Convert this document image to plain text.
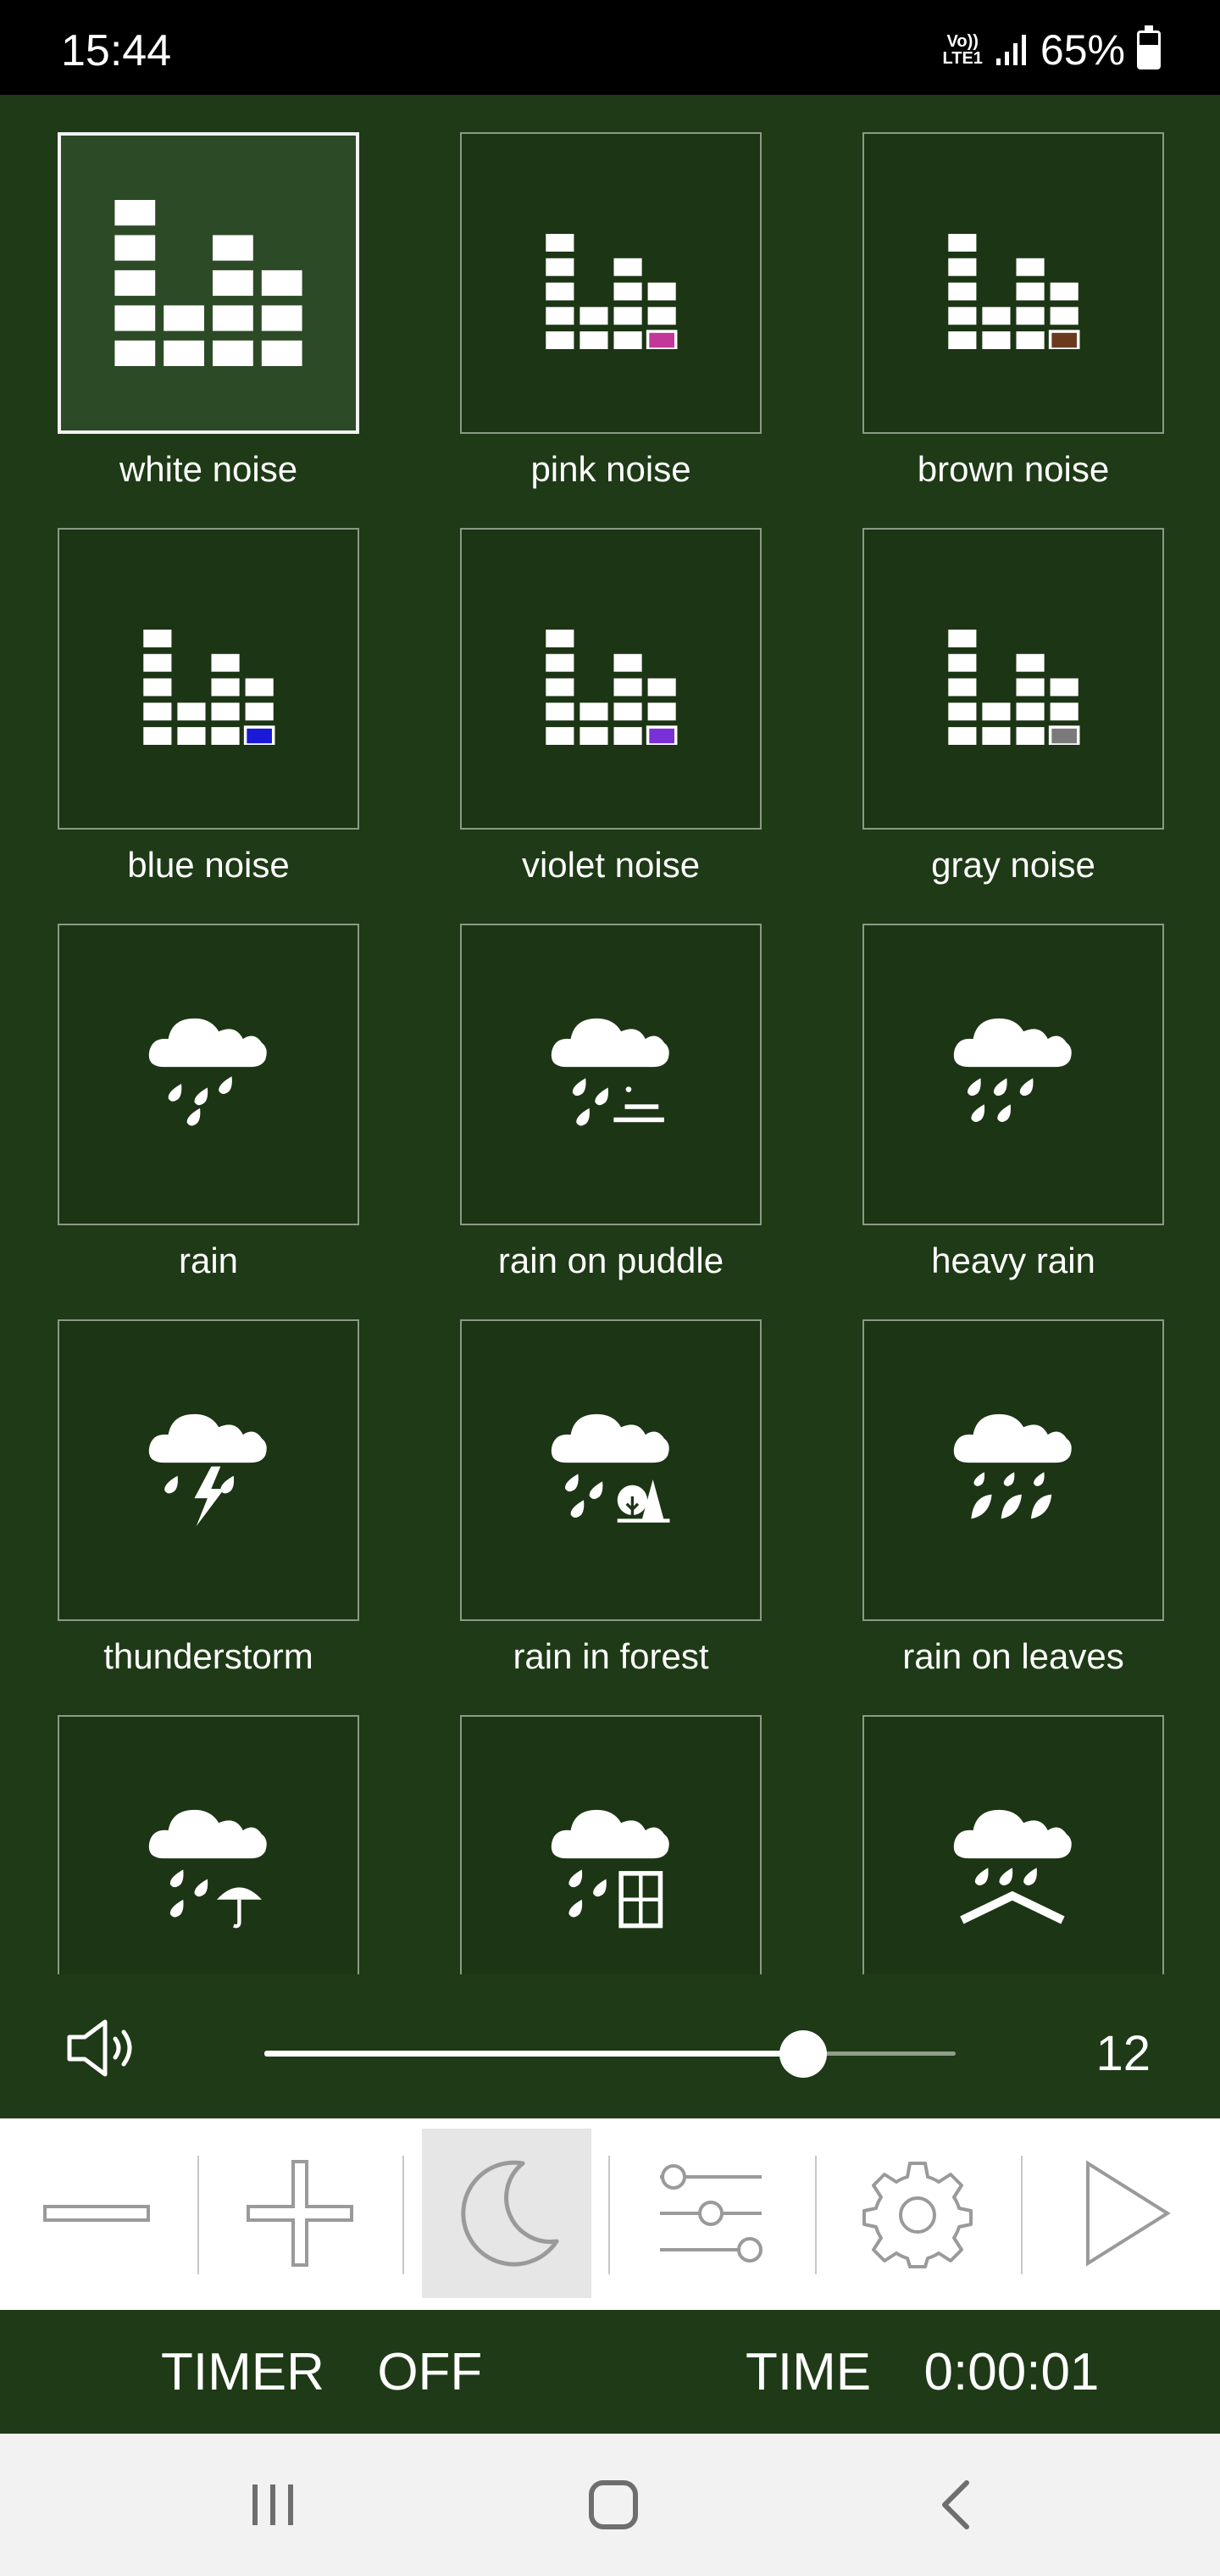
15:44	Vo))
LTE1 65%
white noise	pink noise	brown noise
blue noise	violet noise	gray noise
rain	rain on puddle	heavy rain
thunderstorm	rain in forest	rain on leaves
12
TIMER  OFF	TIME  0:00:01
